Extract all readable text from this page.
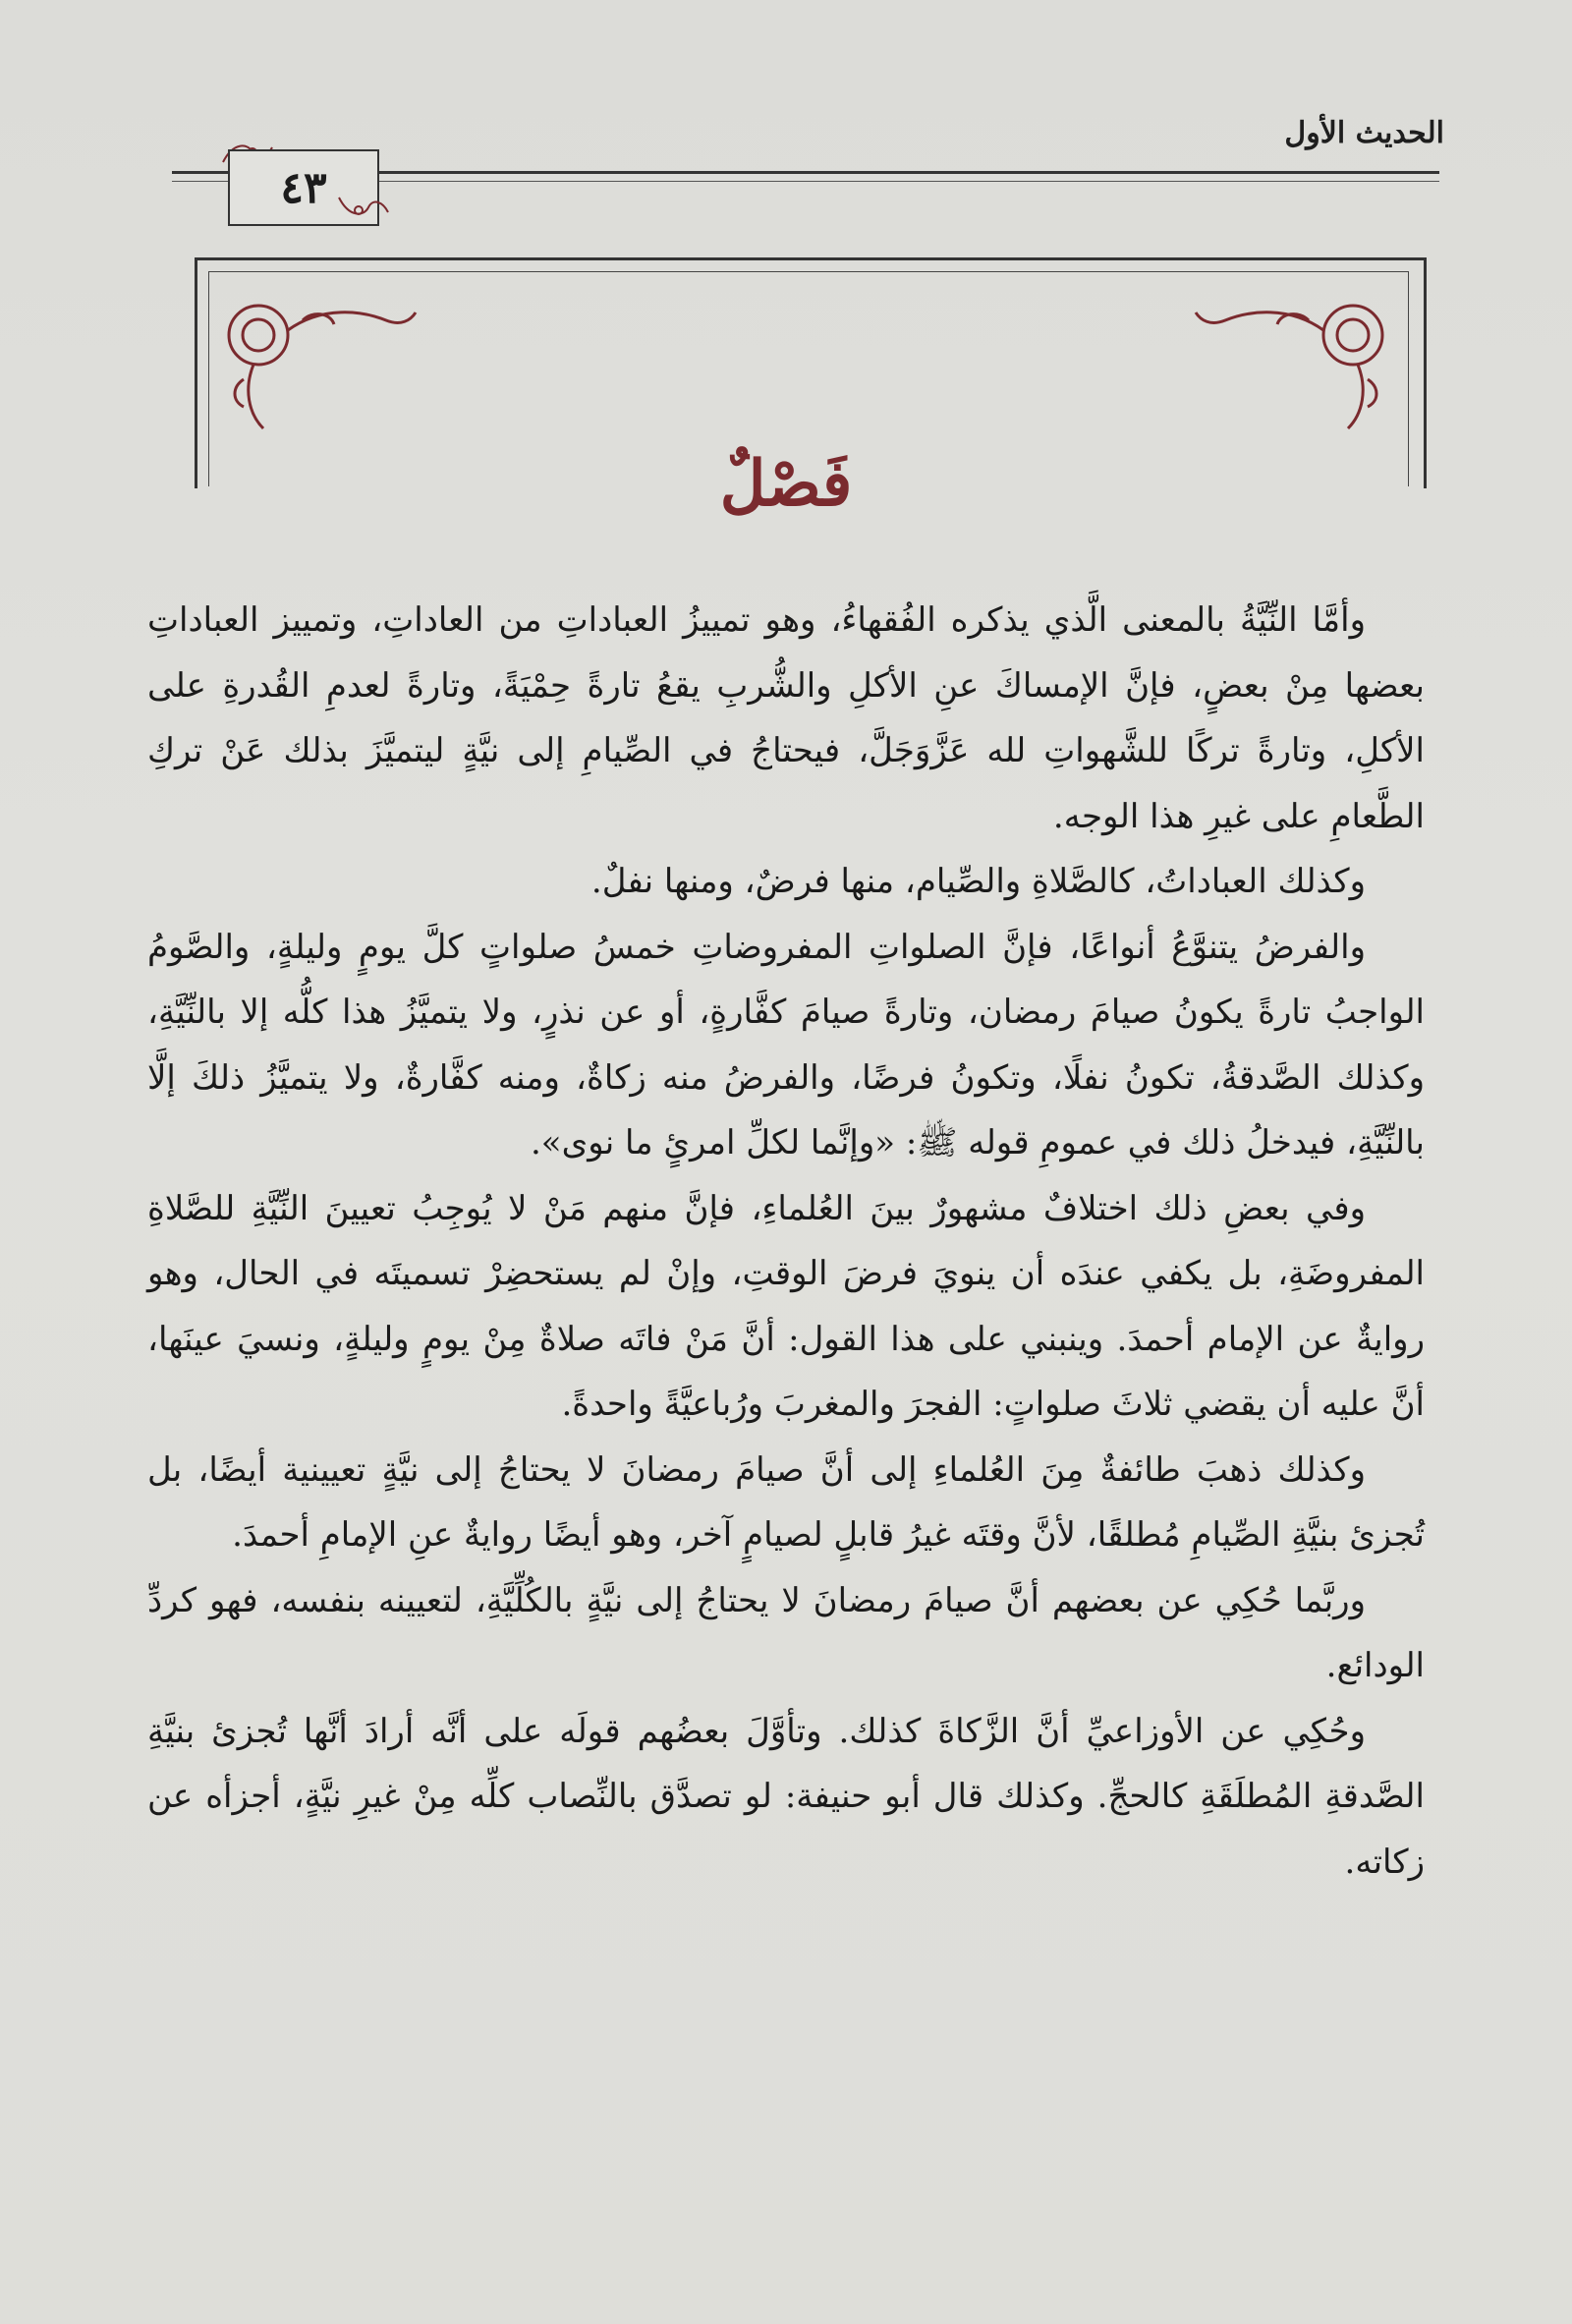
الحديث الأول
٤٣
فَصْلٌ

وأمَّا النِّيَّةُ بالمعنى الَّذي يذكره الفُقهاءُ، وهو تمييزُ العباداتِ من العاداتِ، وتمييز العباداتِ بعضها مِنْ بعضٍ، فإنَّ الإمساكَ عنِ الأكلِ والشُّربِ يقعُ تارةً حِمْيَةً، وتارةً لعدمِ القُدرةِ على الأكلِ، وتارةً تركًا للشَّهواتِ لله عَزَّوَجَلَّ، فيحتاجُ في الصِّيامِ إلى نيَّةٍ ليتميَّزَ بذلك عَنْ تركِ الطَّعامِ على غيرِ هذا الوجه.

وكذلك العباداتُ، كالصَّلاةِ والصِّيام، منها فرضٌ، ومنها نفلٌ.

والفرضُ يتنوَّعُ أنواعًا، فإنَّ الصلواتِ المفروضاتِ خمسُ صلواتٍ كلَّ يومٍ وليلةٍ، والصَّومُ الواجبُ تارةً يكونُ صيامَ رمضان، وتارةً صيامَ كفَّارةٍ، أو عن نذرٍ، ولا يتميَّزُ هذا كلُّه إلا بالنِّيَّةِ، وكذلك الصَّدقةُ، تكونُ نفلًا، وتكونُ فرضًا، والفرضُ منه زكاةٌ، ومنه كفَّارةٌ، ولا يتميَّزُ ذلكَ إلَّا بالنِّيَّةِ، فيدخلُ ذلك في عمومِ قوله ﷺ: «وإنَّما لكلِّ امرئٍ ما نوى».

وفي بعضِ ذلك اختلافٌ مشهورٌ بينَ العُلماءِ، فإنَّ منهم مَنْ لا يُوجِبُ تعيينَ النِّيَّةِ للصَّلاةِ المفروضَةِ، بل يكفي عندَه أن ينويَ فرضَ الوقتِ، وإنْ لم يستحضِرْ تسميتَه في الحال، وهو روايةٌ عن الإمام أحمدَ. وينبني على هذا القول: أنَّ مَنْ فاتَه صلاةٌ مِنْ يومٍ وليلةٍ، ونسيَ عينَها، أنَّ عليه أن يقضي ثلاثَ صلواتٍ: الفجرَ والمغربَ ورُباعيَّةً واحدةً.

وكذلك ذهبَ طائفةٌ مِنَ العُلماءِ إلى أنَّ صيامَ رمضانَ لا يحتاجُ إلى نيَّةٍ تعيينية أيضًا، بل تُجزئ بنيَّةِ الصِّيامِ مُطلقًا، لأنَّ وقتَه غيرُ قابلٍ لصيامٍ آخر، وهو أيضًا روايةٌ عنِ الإمامِ أحمدَ.

وربَّما حُكِي عن بعضهم أنَّ صيامَ رمضانَ لا يحتاجُ إلى نيَّةٍ بالكُلِّيَّةِ، لتعيينه بنفسه، فهو كردِّ الودائع.

وحُكِي عن الأوزاعيِّ أنَّ الزَّكاةَ كذلك. وتأوَّلَ بعضُهم قولَه على أنَّه أرادَ أنَّها تُجزئ بنيَّةِ الصَّدقةِ المُطلَقَةِ كالحجِّ. وكذلك قال أبو حنيفة: لو تصدَّق بالنِّصاب كلِّه مِنْ غيرِ نيَّةٍ، أجزأه عن زكاته.
